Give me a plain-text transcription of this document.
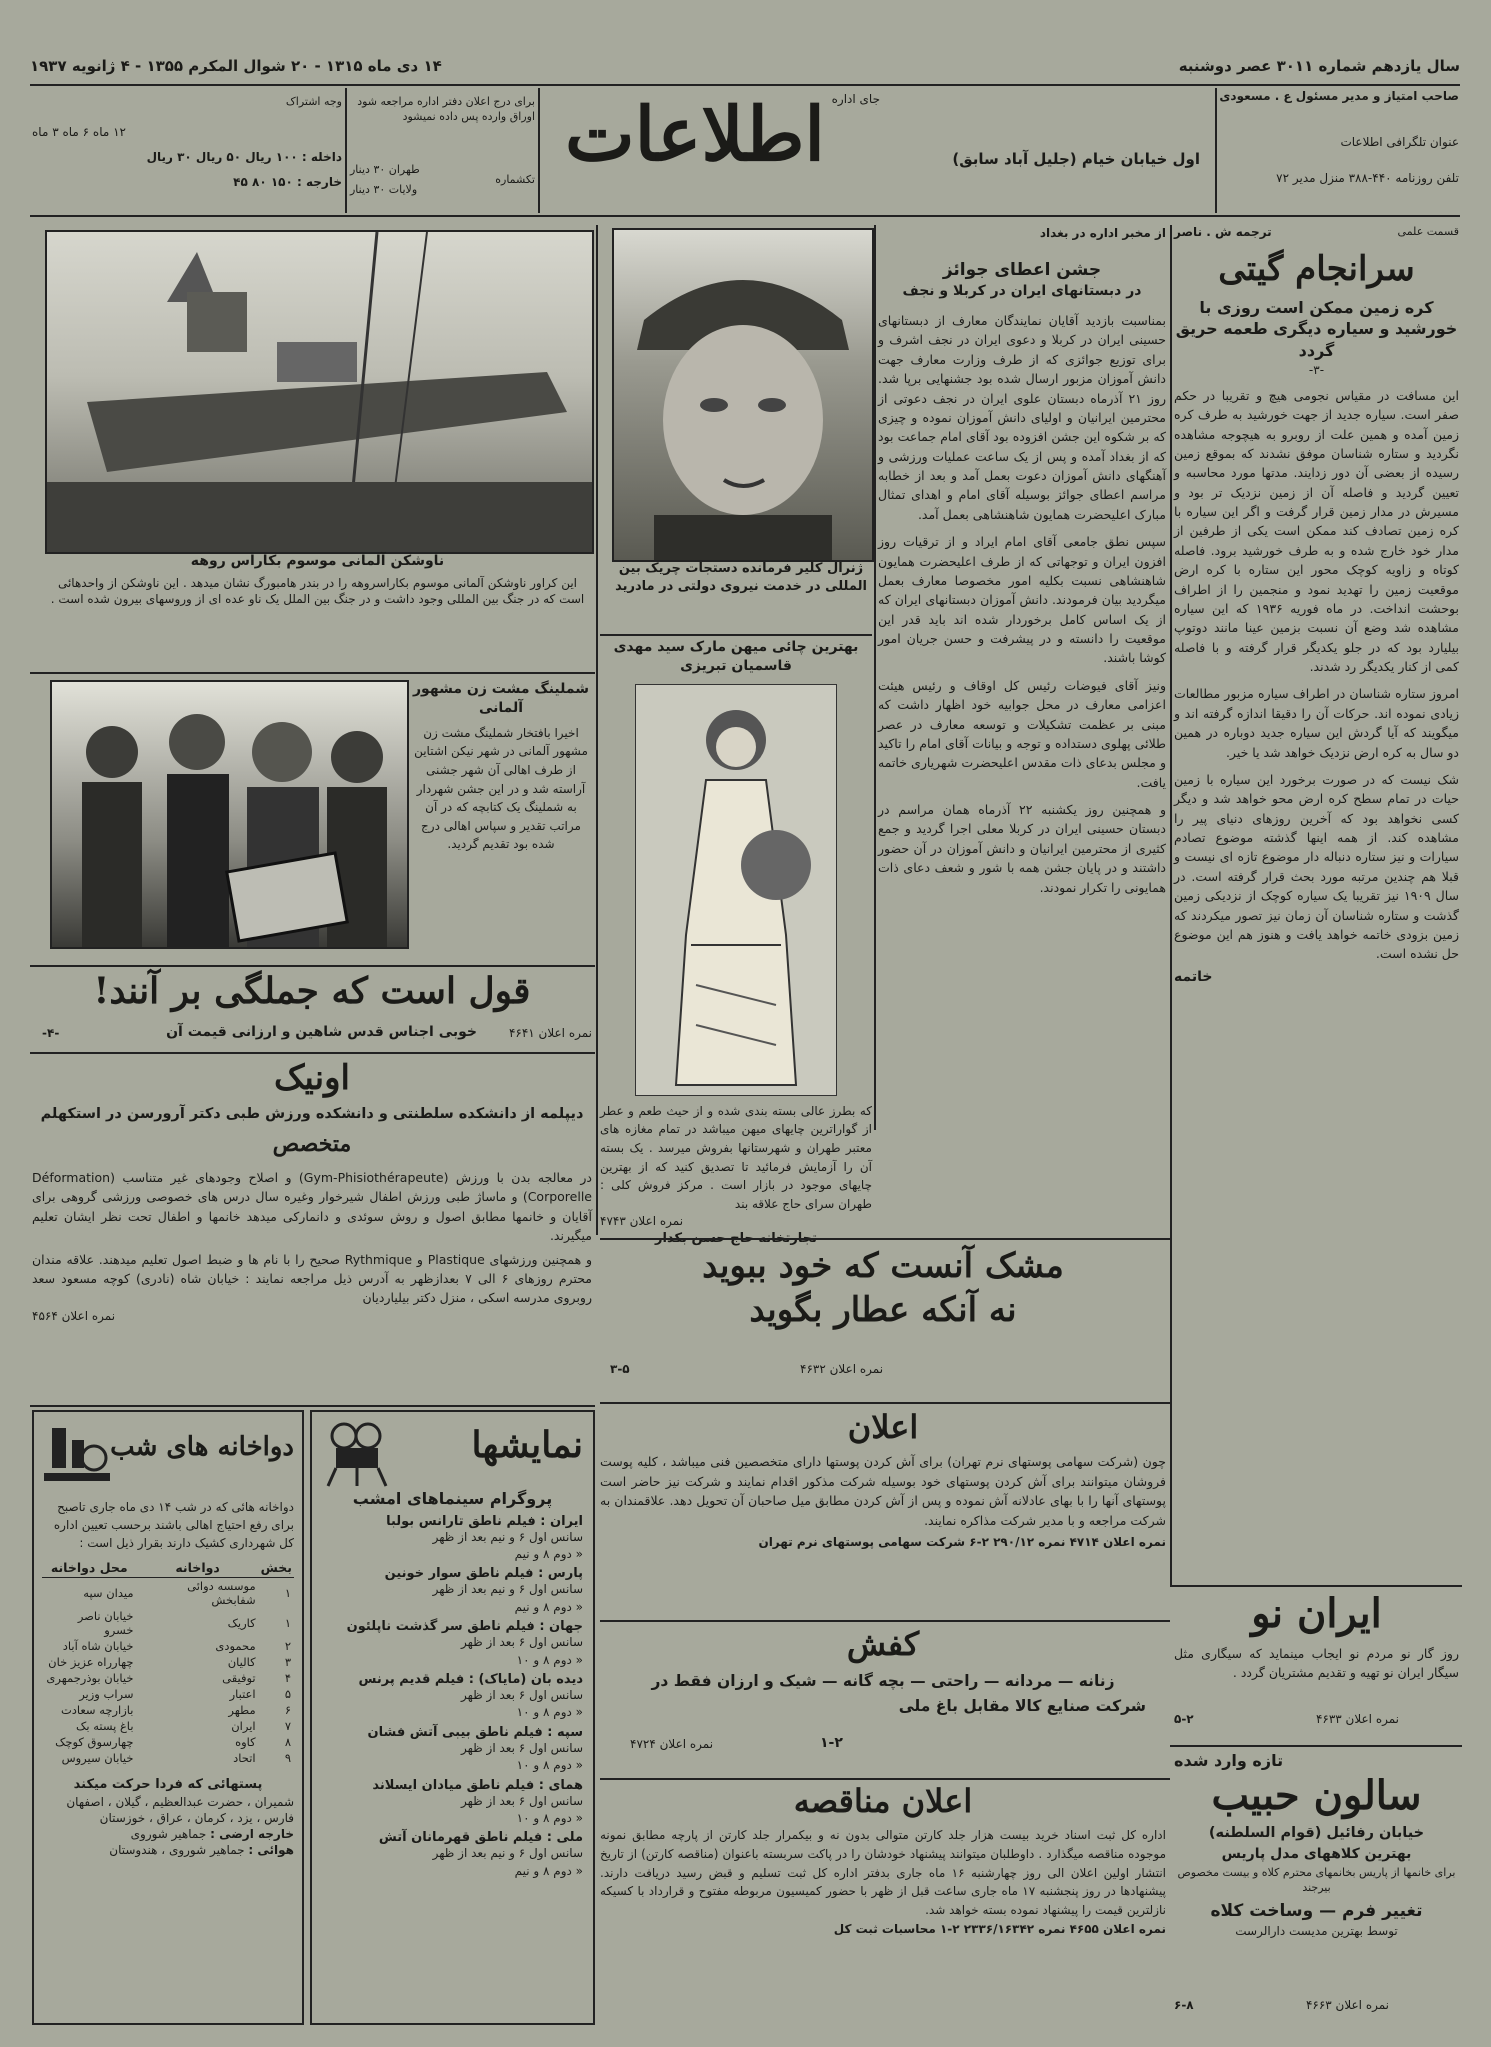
سال یازدهم شماره ۳۰۱۱ عصر دوشنبه
۱۴ دی ماه ۱۳۱۵ - ۲۰ شوال المکرم ۱۳۵۵ - ۴ ژانویه ۱۹۳۷
صاحب امتیاز و مدیر مسئول ع . مسعودی
عنوان تلگرافی اطلاعات
تلفن روزنامه ۴۴۰-۳۸۸ منزل مدیر ۷۲
جای اداره
اطلاعات	اول خیابان خیام (جلیل آباد سابق)
برای درج اعلان دفتر اداره مراجعه شود اوراق وارده پس داده نمیشود
تکشماره
طهران ۳۰ دینار
ولایات ۳۰ دینار
وجه اشتراک
۱۲ ماه ۶ ماه ۳ ماه
داخله : ۱۰۰ ریال ۵۰ ریال ۳۰ ریال
خارجه : ۱۵۰ ۸۰ ۴۵
قسمت علمی
ترجمه ش . ناصر
سرانجام گیتی
کره زمین ممکن است روزی با خورشید و سیاره دیگری طعمه حریق گردد
-۳-
این مسافت در مقیاس نجومی هیچ و تقریبا در حکم صفر است. سیاره جدید از جهت خورشید به طرف کره زمین آمده و همین علت از روبرو به هیچوجه مشاهده نگردید و ستاره شناسان موفق نشدند که بموقع زمین رسیده از بعضی آن دور زدایند. مدتها مورد محاسبه و تعیین گردید و فاصله آن از زمین نزدیک تر بود و مسیرش در مدار زمین قرار گرفت و اگر این سیاره با کره زمین تصادف کند ممکن است یکی از طرفین از مدار خود خارج شده و به طرف خورشید برود. فاصله کوتاه و زاویه کوچک محور این ستاره با کره ارض موقعیت زمین را تهدید نمود و منجمین را از اطراف بوحشت انداخت. در ماه فوریه ۱۹۳۶ که این سیاره مشاهده شد وضع آن نسبت بزمین عینا مانند دوتوپ بیلیارد بود که در جلو یکدیگر قرار گرفته و با فاصله کمی از کنار یکدیگر رد شدند.
امروز ستاره شناسان در اطراف سیاره مزبور مطالعات زیادی نموده اند. حرکات آن را دقیقا اندازه گرفته اند و میگویند که آیا گردش این سیاره جدید دوباره در همین دو سال به کره ارض نزدیک خواهد شد یا خیر.
شک نیست که در صورت برخورد این سیاره با زمین حیات در تمام سطح کره ارض محو خواهد شد و دیگر کسی نخواهد بود که آخرین روزهای دنیای پیر را مشاهده کند. از همه اینها گذشته موضوع تصادم سیارات و نیز ستاره دنباله دار موضوع تازه ای نیست و قبلا هم چندین مرتبه مورد بحث قرار گرفته است. در سال ۱۹۰۹ نیز تقریبا یک سیاره کوچک از نزدیکی زمین گذشت و ستاره شناسان آن زمان نیز تصور میکردند که زمین بزودی خاتمه خواهد یافت و هنوز هم این موضوع حل نشده است.
خاتمه
از مخبر اداره در بغداد
جشن اعطای جوائز
در دبستانهای ایران در کربلا و نجف
بمناسبت بازدید آقایان نمایندگان معارف از دبستانهای حسینی ایران در کربلا و دعوی ایران در نجف اشرف و برای توزیع جوائزی که از طرف وزارت معارف جهت دانش آموزان مزبور ارسال شده بود جشنهایی برپا شد. روز ۲۱ آذرماه دبستان علوی ایران در نجف دعوتی از محترمین ایرانیان و اولیای دانش آموزان نموده و چیزی که بر شکوه این جشن افزوده بود آقای امام جماعت بود که از بغداد آمده و پس از یک ساعت عملیات ورزشی و آهنگهای دانش آموزان دعوت بعمل آمد و بعد از خطابه مراسم اعطای جوائز بوسیله آقای امام و اهدای تمثال مبارک اعلیحضرت همایون شاهنشاهی بعمل آمد.
سپس نطق جامعی آقای امام ایراد و از ترقیات روز افزون ایران و توجهاتی که از طرف اعلیحضرت همایون شاهنشاهی نسبت بکلیه امور مخصوصا معارف بعمل میگردید بیان فرمودند. دانش آموزان دبستانهای ایران که از یک اساس کامل برخوردار شده اند باید قدر این موقعیت را دانسته و در پیشرفت و حسن جریان امور کوشا باشند.
ونیز آقای فیوضات رئیس کل اوقاف و رئیس هیئت اعزامی معارف در محل جوابیه خود اظهار داشت که مبنی بر عظمت تشکیلات و توسعه معارف در عصر طلائی پهلوی دستداده و توجه و بیانات آقای امام را تاکید و مجلس بدعای ذات مقدس اعلیحضرت شهریاری خاتمه یافت.
و همچنین روز یکشنبه ۲۲ آذرماه همان مراسم در دبستان حسینی ایران در کربلا معلی اجرا گردید و جمع کثیری از محترمین ایرانیان و دانش آموزان در آن حضور داشتند و در پایان جشن همه با شور و شعف دعای ذات همایونی را تکرار نمودند.
ژنرال کلیر فرمانده دستجات چریک بین المللی در خدمت نیروی دولتی در مادرید
بهترین چائی میهن مارک سید مهدی قاسمیان تبریزی
که بطرز عالی بسته بندی شده و از حیث طعم و عطر از گواراترین چایهای میهن میباشد در تمام مغازه های معتبر طهران و شهرستانها بفروش میرسد . یک بسته آن را آزمایش فرمائید تا تصدیق کنید که از بهترین چایهای موجود در بازار است . مرکز فروش کلی : طهران سرای حاج علاقه بند
نمره اعلان ۴۷۴۳
ناوشکن آلمانی موسوم بکاراس روهه
این کراور ناوشکن آلمانی موسوم بکاراسروهه را در بندر هامبورگ نشان میدهد . این ناوشکن از واحدهائی است که در جنگ بین المللی وجود داشت و در جنگ بین الملل یک ناو عده ای از وروسهای بیرون شده است .
شملینگ مشت زن مشهور آلمانی
اخیرا بافتخار شملینگ مشت زن مشهور آلمانی در شهر نیکن اشتاین از طرف اهالی آن شهر جشنی آراسته شد و در این جشن شهردار به شملینگ یک کتابچه که در آن مراتب تقدیر و سپاس اهالی درج شده بود تقدیم گردید.
قول است که جملگی بر آنند!
نمره اعلان ۴۶۴۱
خوبی اجناس قدس شاهین و ارزانی قیمت آن
-۴-
اونیک
دیپلمه از دانشکده سلطنتی و دانشکده ورزش طبی دکتر آرورسن در استکهلم
متخصص
در معالجه بدن با ورزش (Gym-Phisiothérapeute) و اصلاح وجودهای غیر متناسب (Déformation Corporelle) و ماساژ طبی ورزش اطفال شیرخوار وغیره سال درس های خصوصی ورزشی گروهی برای آقایان و خانمها مطابق اصول و روش سوئدی و دانمارکی میدهد خانمها و اطفال تحت نظر ایشان تعلیم میگیرند.
و همچنین ورزشهای Plastique و Rythmique صحیح را با نام ها و ضبط اصول تعلیم میدهند. علاقه مندان محترم روزهای ۶ الی ۷ بعدازظهر به آدرس ذیل مراجعه نمایند : خیابان شاه (نادری) کوچه مسعود سعد روبروی مدرسه اسکی ، منزل دکتر بیلیاردیان
نمره اعلان ۴۵۶۴
مشک آنست که خود ببوید
نه آنکه عطار بگوید
نمره اعلان ۴۶۳۲
۳-۵
اعلان
چون (شرکت سهامی پوستهای نرم تهران) برای آش کردن پوستها دارای متخصصین فنی میباشد ، کلیه پوست فروشان میتوانند برای آش کردن پوستهای خود بوسیله شرکت مذکور اقدام نمایند و شرکت نیز حاضر است پوستهای آنها را با بهای عادلانه آش نموده و پس از آش کردن مطابق میل صاحبان آن تحویل دهد. علاقمندان به شرکت مراجعه و با مدیر شرکت مذاکره نمایند.
نمره اعلان ۴۷۱۴ نمره ۲۹۰/۱۲ ۲-۶ شرکت سهامی پوستهای نرم تهران
کفش
زنانه — مردانه — راحتی — بچه گانه — شیک و ارزان فقط در
شرکت صنایع کالا مقابل باغ ملی
۱-۲
نمره اعلان ۴۷۲۴
اعلان مناقصه
اداره کل ثبت اسناد خرید بیست هزار جلد کارتن متوالی بدون نه و بیکمرار جلد کارتن از پارچه مطابق نمونه موجوده مناقصه میگذارد . داوطلبان میتوانند پیشنهاد خودشان را در پاکت سربسته باعنوان (مناقصه کارتن) از تاریخ انتشار اولین اعلان الی روز چهارشنبه ۱۶ ماه جاری بدفتر اداره کل ثبت تسلیم و قبض رسید دریافت دارند. پیشنهادها در روز پنجشنبه ۱۷ ماه جاری ساعت قبل از ظهر با حضور کمیسیون مربوطه مفتوح و قرارداد با کسیکه نازلترین قیمت را پیشنهاد نموده بسته خواهد شد.
نمره اعلان ۴۶۵۵ نمره ۲۳۳۶/۱۶۳۴۲ ۲-۱ محاسبات ثبت کل
ایران نو
روز گار نو مردم نو ایجاب مینماید که سیگاری مثل سیگار ایران نو تهیه و تقدیم مشتریان گردد .
نمره اعلان ۴۶۳۳
۵-۲
تازه وارد شده
سالون حبیب
خیابان رفائیل (قوام السلطنه)
بهترین کلاههای مدل پاریس
برای خانمها از پاریس بخانمهای محترم کلاه و بیست مخصوص بیرجند
تغییر فرم — وساخت کلاه
توسط بهترین مدیست دارالرست
نمره اعلان ۴۶۶۳
۶-۸
نمایشها
پروگرام سینماهای امشب
ایران : فیلم ناطق تارانس بولبا
سانس اول ۶ و نیم بعد از ظهر
« دوم ۸ و نیم
پارس : فیلم ناطق سوار خونین
سانس اول ۶ و نیم بعد از ظهر
« دوم ۸ و نیم
جهان : فیلم ناطق سر گذشت ناپلئون
سانس اول ۶ بعد از ظهر
« دوم ۸ و ۱۰
دیده بان (مایاک) : فیلم قدیم پرنس
سانس اول ۶ بعد از ظهر
« دوم ۸ و ۱۰
سپه : فیلم ناطق بیبی آتش فشان
سانس اول ۶ بعد از ظهر
« دوم ۸ و ۱۰
همای : فیلم ناطق میادان ایسلاند
سانس اول ۶ بعد از ظهر
« دوم ۸ و ۱۰
ملی : فیلم ناطق قهرمانان آتش
سانس اول ۶ و نیم بعد از ظهر
« دوم ۸ و نیم
دواخانه های شب
دواخانه هائی که در شب ۱۴ دی ماه جاری تاصبح برای رفع احتیاج اهالی باشند برحسب تعیین اداره کل شهرداری کشیک دارند بقرار ذیل است :
بخش	دواخانه	محل دواخانه
۱	موسسه دوائی شفابخش	میدان سپه
۱	کاریک	خیابان ناصر خسرو
۲	محمودی	خیابان شاه آباد
۳	کالیان	چهارراه عزیز خان
۴	توفیقی	خیابان بوذرجمهری
۵	اعتبار	سراب وزیر
۶	مطهر	بازارچه سعادت
۷	ایران	باغ پسته بک
۸	کاوه	چهارسوق کوچک
۹	اتحاد	خیابان سیروس
پستهائی که فردا حرکت میکند
شمیران ، حضرت عبدالعظیم ، گیلان ، اصفهان
فارس ، یزد ، کرمان ، عراق ، خوزستان
خارجه ارضی : جماهیر شوروی
هوائی : جماهیر شوروی ، هندوستان
